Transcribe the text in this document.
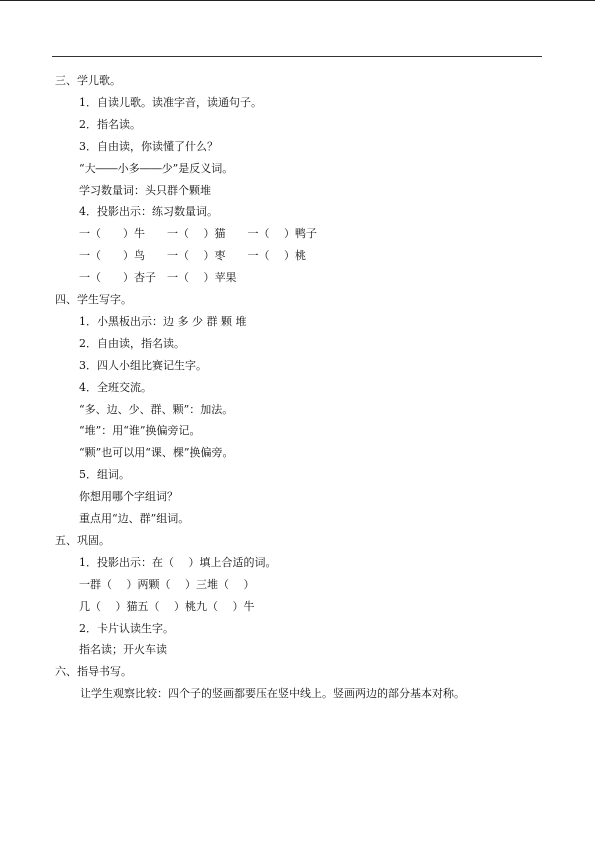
三、学儿歌。
1．自读儿歌。读准字音，读通句子。
2．指名读。
3．自由读，你读懂了什么？
“大――小多――少”是反义词。
学习数量词：头只群个颗堆
4．投影出示：练习数量词。
一（　　）牛　　一（　 ）猫　　一（　 ）鸭子
一（　　）鸟　　一（　 ）枣　　一（　 ）桃
一（　　）杏子　一（　 ）苹果
四、学生写字。
1．小黑板出示：边 多 少 群 颗 堆
2．自由读，指名读。
3．四人小组比赛记生字。
4．全班交流。
“多、边、少、群、颗”：加法。
“堆”：用“谁”换偏旁记。
“颗”也可以用“课、棵”换偏旁。
5．组词。
你想用哪个字组词？
重点用“边、群”组词。
五、巩固。
1．投影出示：在（　 ）填上合适的词。
一群（　 ）两颗（　 ）三堆（　 ）
几（　 ）猫五（　 ）桃九（　 ）牛
2．卡片认读生字。
指名读；开火车读
六、指导书写。
让学生观察比较：四个子的竖画都要压在竖中线上。竖画两边的部分基本对称。
